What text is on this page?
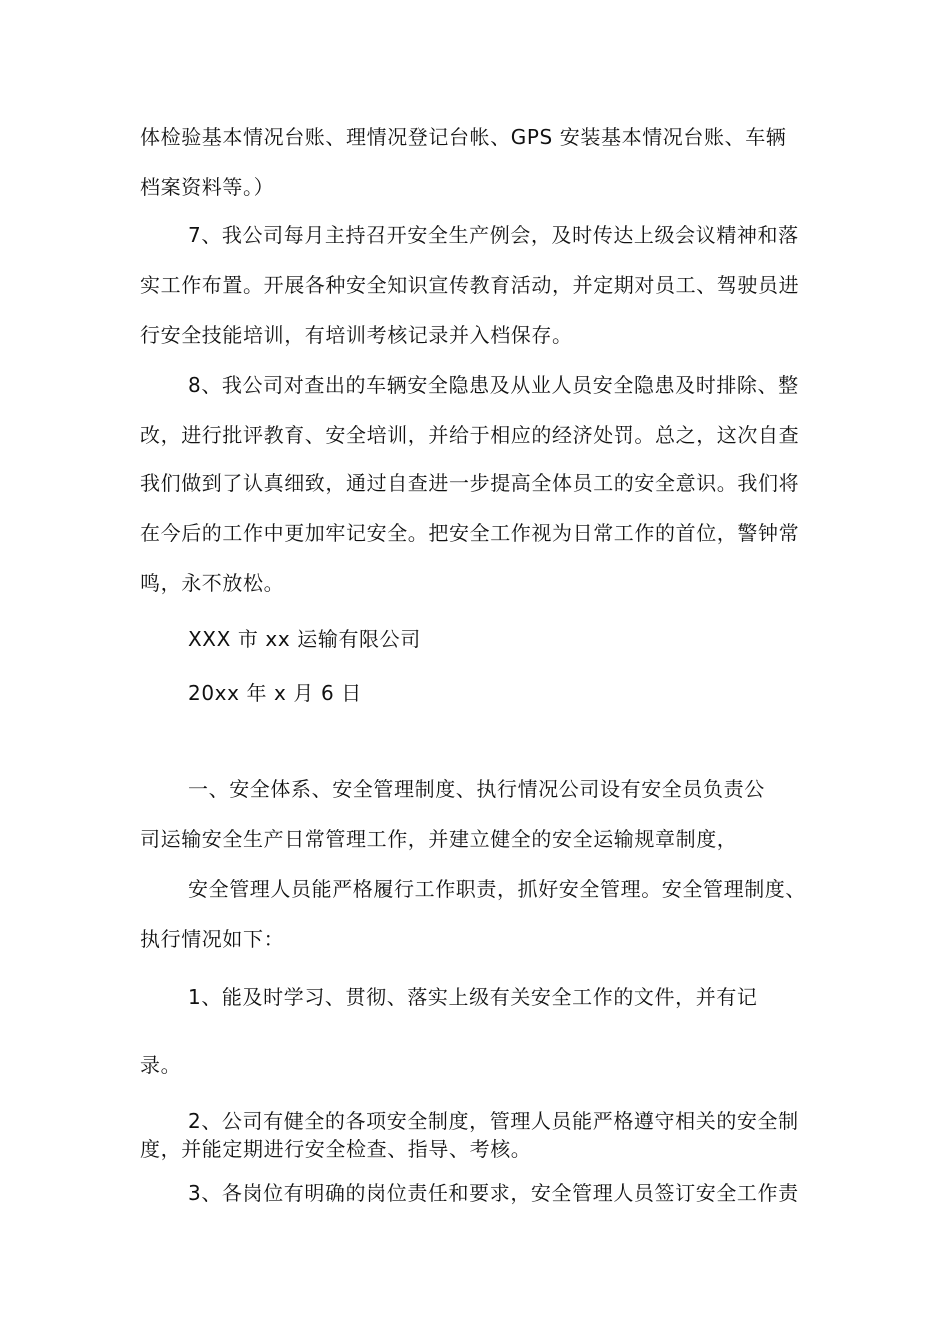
体检验基本情况台账、理情况登记台帐、GPS 安装基本情况台账、车辆
档案资料等。）
7、我公司每月主持召开安全生产例会，及时传达上级会议精神和落
实工作布置。开展各种安全知识宣传教育活动，并定期对员工、驾驶员进
行安全技能培训，有培训考核记录并入档保存。
8、我公司对查出的车辆安全隐患及从业人员安全隐患及时排除、整
改，进行批评教育、安全培训，并给于相应的经济处罚。总之，这次自查
我们做到了认真细致，通过自查进一步提高全体员工的安全意识。我们将
在今后的工作中更加牢记安全。把安全工作视为日常工作的首位，警钟常
鸣，永不放松。
XXX 市 xx 运输有限公司
20xx 年 x 月 6 日
一、安全体系、安全管理制度、执行情况公司设有安全员负责公
司运输安全生产日常管理工作，并建立健全的安全运输规章制度，
安全管理人员能严格履行工作职责，抓好安全管理。安全管理制度、
执行情况如下：
1、能及时学习、贯彻、落实上级有关安全工作的文件，并有记
录。
2、公司有健全的各项安全制度，管理人员能严格遵守相关的安全制
度，并能定期进行安全检查、指导、考核。
3、各岗位有明确的岗位责任和要求，安全管理人员签订安全工作责
